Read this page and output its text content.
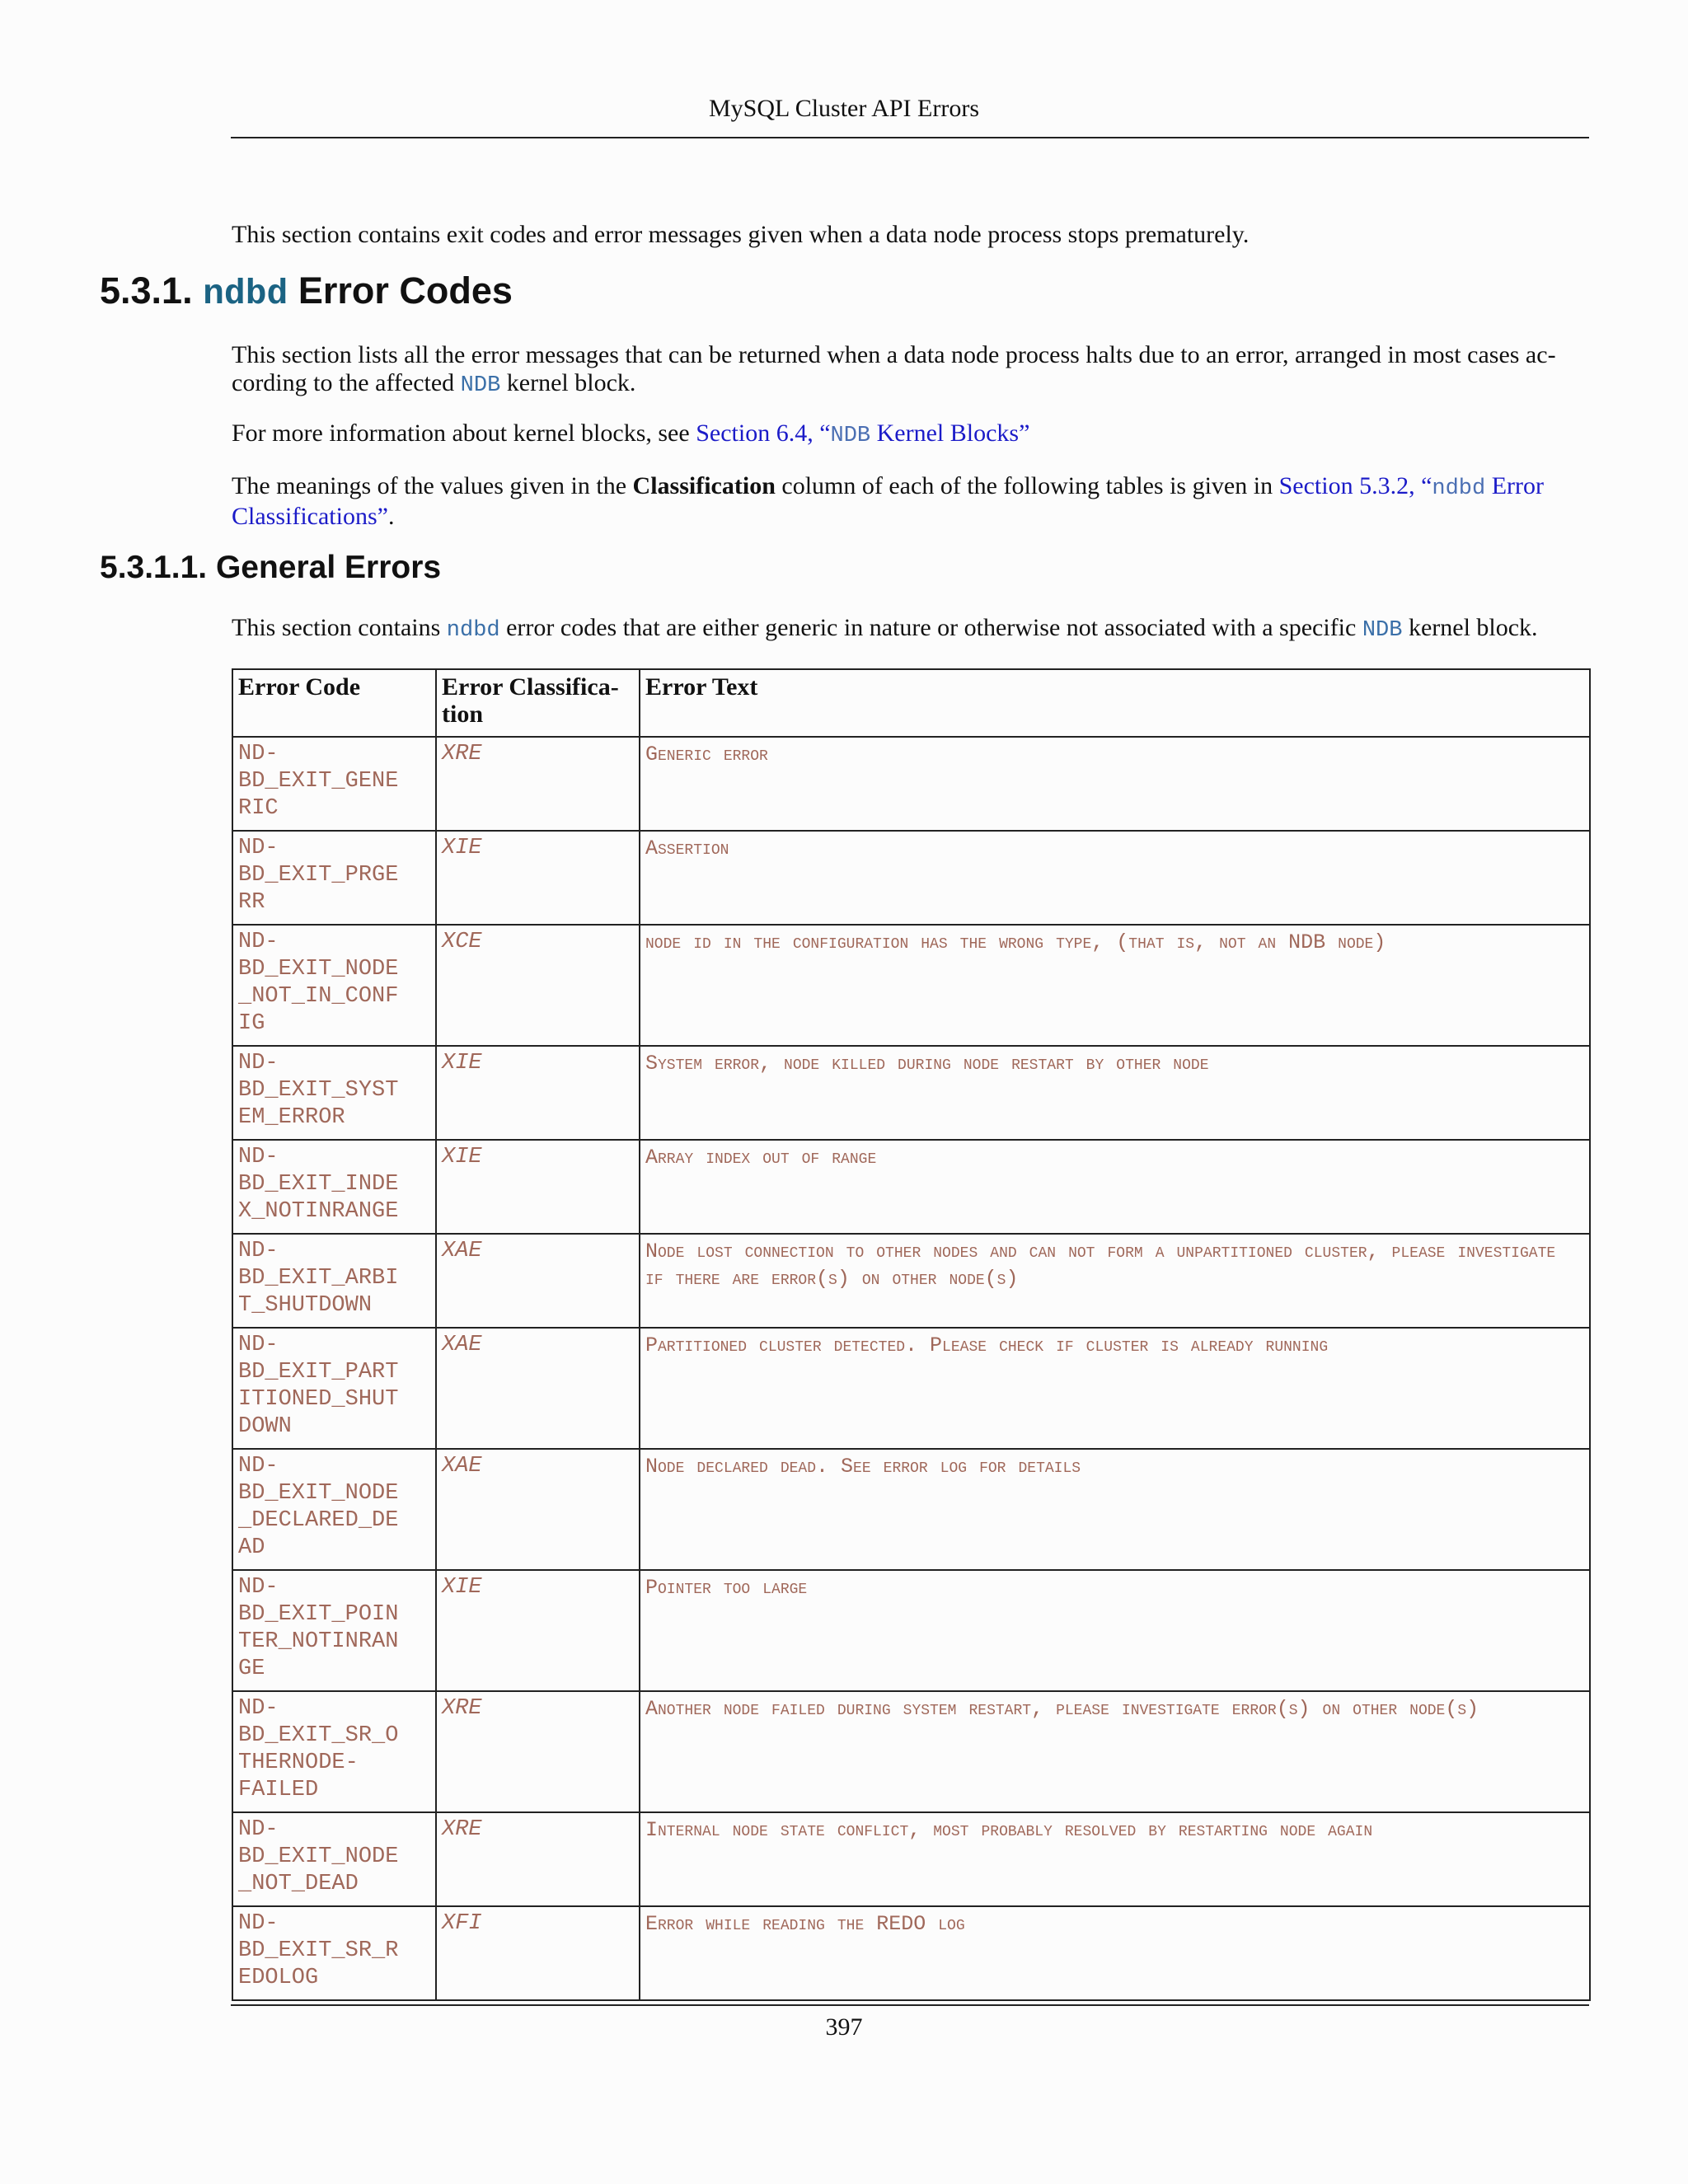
MySQL Cluster API Errors

This section contains exit codes and error messages given when a data node process stops prematurely.

5.3.1. ndbd Error Codes

This section lists all the error messages that can be returned when a data node process halts due to an error, arranged in most cases ac-cording to the affected NDB kernel block.

For more information about kernel blocks, see Section 6.4, “NDB Kernel Blocks”

The meanings of the values given in the Classification column of each of the following tables is given in Section 5.3.2, “ndbd Error Classifications”.

5.3.1.1. General Errors

This section contains ndbd error codes that are either generic in nature or otherwise not associated with a specific NDB kernel block.

Error Code	Error Classifica-
tion	Error Text
ND-
BD_EXIT_GENE
RIC	XRE	Generic error
ND-
BD_EXIT_PRGE
RR	XIE	Assertion
ND-
BD_EXIT_NODE
_NOT_IN_CONF
IG	XCE	node id in the configuration has the wrong type, (that is, not an NDB node)
ND-
BD_EXIT_SYST
EM_ERROR	XIE	System error, node killed during node restart by other node
ND-
BD_EXIT_INDE
X_NOTINRANGE	XIE	Array index out of range
ND-
BD_EXIT_ARBI
T_SHUTDOWN	XAE	Node lost connection to other nodes and can not form a unpartitioned cluster, please investigate if there are error(s) on other node(s)
ND-
BD_EXIT_PART
ITIONED_SHUT
DOWN	XAE	Partitioned cluster detected. Please check if cluster is already running
ND-
BD_EXIT_NODE
_DECLARED_DE
AD	XAE	Node declared dead. See error log for details
ND-
BD_EXIT_POIN
TER_NOTINRAN
GE	XIE	Pointer too large
ND-
BD_EXIT_SR_O
THERNODE-
FAILED	XRE	Another node failed during system restart, please investigate error(s) on other node(s)
ND-
BD_EXIT_NODE
_NOT_DEAD	XRE	Internal node state conflict, most probably resolved by restarting node again
ND-
BD_EXIT_SR_R
EDOLOG	XFI	Error while reading the REDO log
397
